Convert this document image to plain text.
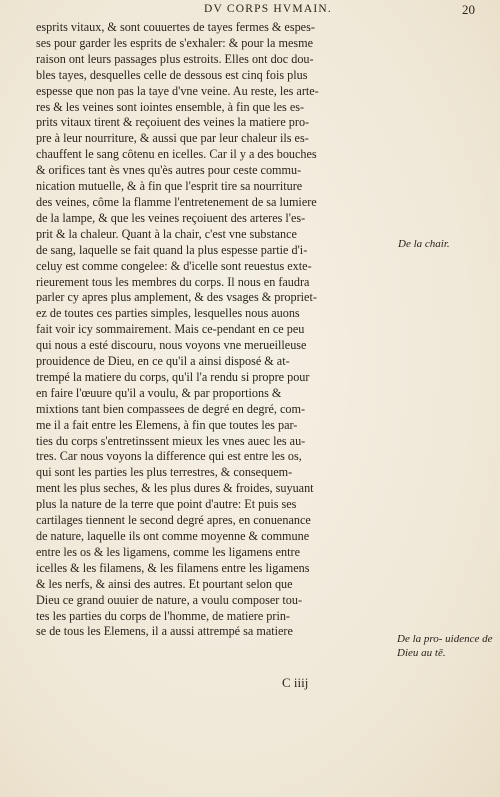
DV CORPS HVMAIN.	20
esprits vitaux, & sont couuertes de tayes fermes & espes-
ses pour garder les esprits de s'exhaler: & pour la mesme
raison ont leurs passages plus estroits. Elles ont doc dou-
bles tayes, desquelles celle de dessous est cinq fois plus
espesse que non pas la taye d'vne veine. Au reste, les arte-
res & les veines sont iointes ensemble, à fin que les es-
prits vitaux tirent & reçoiuent des veines la matiere pro-
pre à leur nourriture, & aussi que par leur chaleur ils es-
chauffent le sang côtenu en icelles. Car il y a des bouches
& orifices tant ès vnes qu'ès autres pour ceste commu-
nication mutuelle, & à fin que l'esprit tire sa nourriture
des veines, côme la flamme l'entretenement de sa lumiere
de la lampe, & que les veines reçoiuent des arteres l'es-
prit & la chaleur. Quant à la chair, c'est vne substance
de sang, laquelle se fait quand la plus espesse partie d'i-
celuy est comme congelee: & d'icelle sont reuestus exte-
rieurement tous les membres du corps. Il nous en faudra
parler cy apres plus amplement, & des vsages & propriet-
ez de toutes ces parties simples, lesquelles nous auons
fait voir icy sommairement. Mais ce-pendant en ce peu
qui nous a esté discouru, nous voyons vne merueilleuse
prouidence de Dieu, en ce qu'il a ainsi disposé & at-
trempé la matiere du corps, qu'il l'a rendu si propre pour
en faire l'œuure qu'il a voulu, & par proportions &
mixtions tant bien compassees de degré en degré, com-
me il a fait entre les Elemens, à fin que toutes les par-
ties du corps s'entretinssent mieux les vnes auec les au-
tres. Car nous voyons la difference qui est entre les os,
qui sont les parties les plus terrestres, & consequem-
ment les plus seches, & les plus dures & froides, suyuant
plus la nature de la terre que point d'autre: Et puis ses
cartilages tiennent le second degré apres, en conuenance
de nature, laquelle ils ont comme moyenne & commune
entre les os & les ligamens, comme les ligamens entre
icelles & les filamens, & les filamens entre les ligamens
& les nerfs, & ainsi des autres. Et pourtant selon que
Dieu ce grand ouuier de nature, a voulu composer tou-
tes les parties du corps de l'homme, de matiere prin-
se de tous les Elemens, il a aussi attrempé sa matiere
De la chair.
De la pro- uidence de Dieu au tē.
C iiij
